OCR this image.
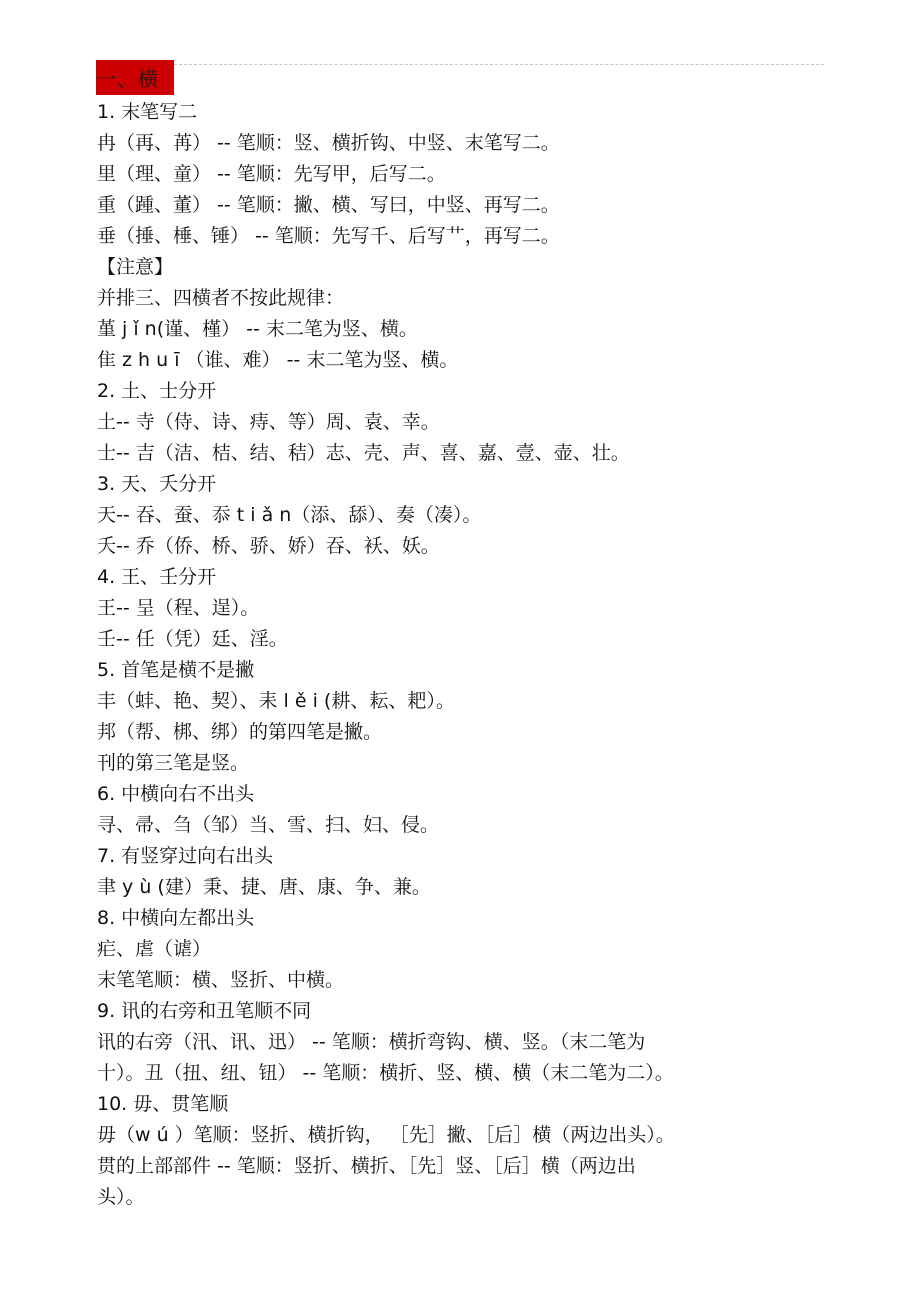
一、横
1. 末笔写二
冉（再、苒） -- 笔顺：竖、横折钩、中竖、末笔写二。
里（理、童） -- 笔顺：先写甲，后写二。
重（踵、董） -- 笔顺：撇、横、写曰，中竖、再写二。
垂（捶、棰、锤） -- 笔顺：先写千、后写艹，再写二。
【注意】
并排三、四横者不按此规律：
堇 j ǐ n(谨、槿） -- 末二笔为竖、横。
隹 z h u ī （谁、难） -- 末二笔为竖、横。
2. 土、士分开
土-- 寺（侍、诗、痔、等）周、袁、幸。
士-- 吉（洁、桔、结、秸）志、壳、声、喜、嘉、壹、壶、壮。
3. 天、夭分开
天-- 吞、蚕、忝 t i ǎ n（添、舔）、奏（凑）。
夭-- 乔（侨、桥、骄、娇）吞、袄、妖。
4. 王、壬分开
王-- 呈（程、逞）。
壬-- 任（凭）廷、淫。
5. 首笔是横不是撇
丰（蚌、艳、契）、耒 l ě i (耕、耘、耙）。
邦（帮、梆、绑）的第四笔是撇。
刊的第三笔是竖。
6. 中横向右不出头
寻、帚、刍（邹）当、雪、扫、妇、侵。
7. 有竖穿过向右出头
聿 y ù (建）秉、捷、唐、康、争、兼。
8. 中横向左都出头
疟、虐（谑）
末笔笔顺：横、竖折、中横。
9. 讯的右旁和丑笔顺不同
讯的右旁（汛、讯、迅） -- 笔顺：横折弯钩、横、竖。（末二笔为
十）。丑（扭、纽、钮） -- 笔顺：横折、竖、横、横（末二笔为二）。
10. 毋、贯笔顺
毋（w ú ）笔顺：竖折、横折钩， ［先］撇、［后］横（两边出头）。
贯的上部部件 -- 笔顺：竖折、横折、［先］竖、［后］横（两边出
头）。
